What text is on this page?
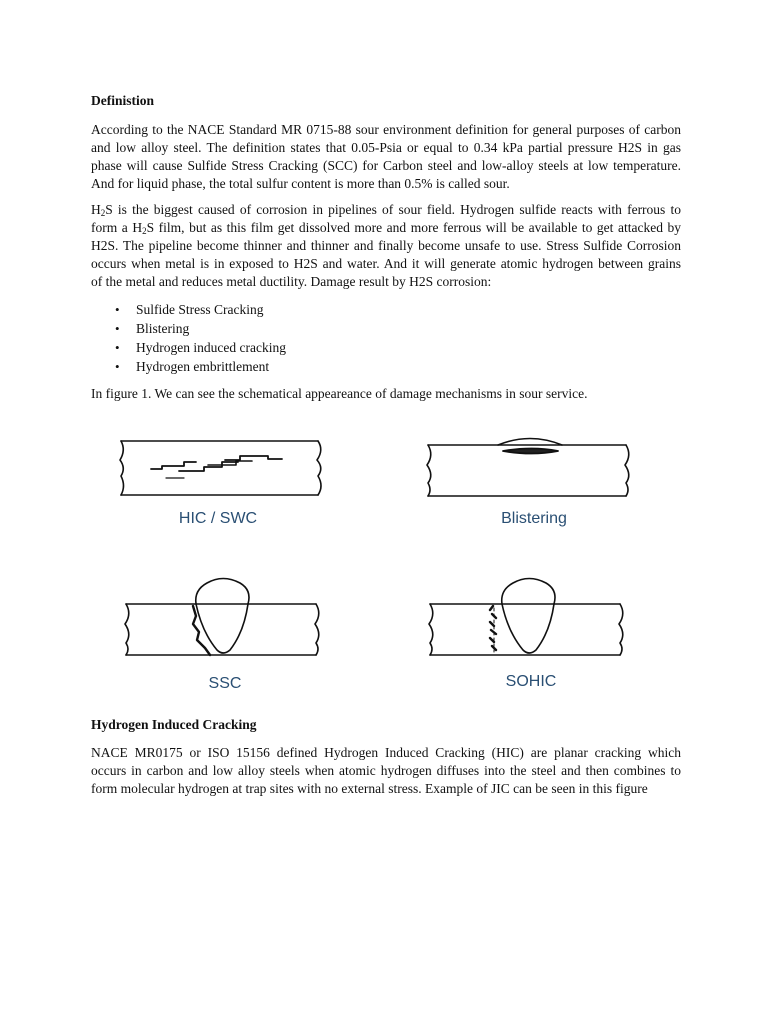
Definistion

According to the NACE Standard MR 0715-88 sour environment definition for general purposes of carbon
and low alloy steel. The definition states that 0.05-Psia or equal to 0.34 kPa partial pressure H2S in gas
phase will cause Sulfide Stress Cracking (SCC) for Carbon steel and low-alloy steels at low temperature.
And for liquid phase, the total sulfur content is more than 0.5% is called sour.

$H_2S$ is the biggest caused of corrosion in pipelines of sour field. Hydrogen sulfide reacts with ferrous to
form a $H_2S$ film, but as this film get dissolved more and more ferrous will be available to get attacked by
H2S. The pipeline become thinner and thinner and finally become unsafe to use. Stress Sulfide Corrosion
occurs when metal is in exposed to H2S and water. And it will generate atomic hydrogen between grains
of the metal and reduces metal ductility. Damage result by H2S corrosion:

• Sulfide Stress Cracking
• Blistering
• Hydrogen induced cracking
• Hydrogen embrittlement
In figure 1. We can see the schematical appeareance of damage mechanisms in sour service.
HIC / SWC	Blistering
SSC	SOHIC
Hydrogen Induced Cracking

NACE MR0175 or ISO 15156 defined Hydrogen Induced Cracking (HIC) are planar cracking which
occurs in carbon and low alloy steels when atomic hydrogen diffuses into the steel and then combines to
form molecular hydrogen at trap sites with no external stress. Example of JIC can be seen in this figure
